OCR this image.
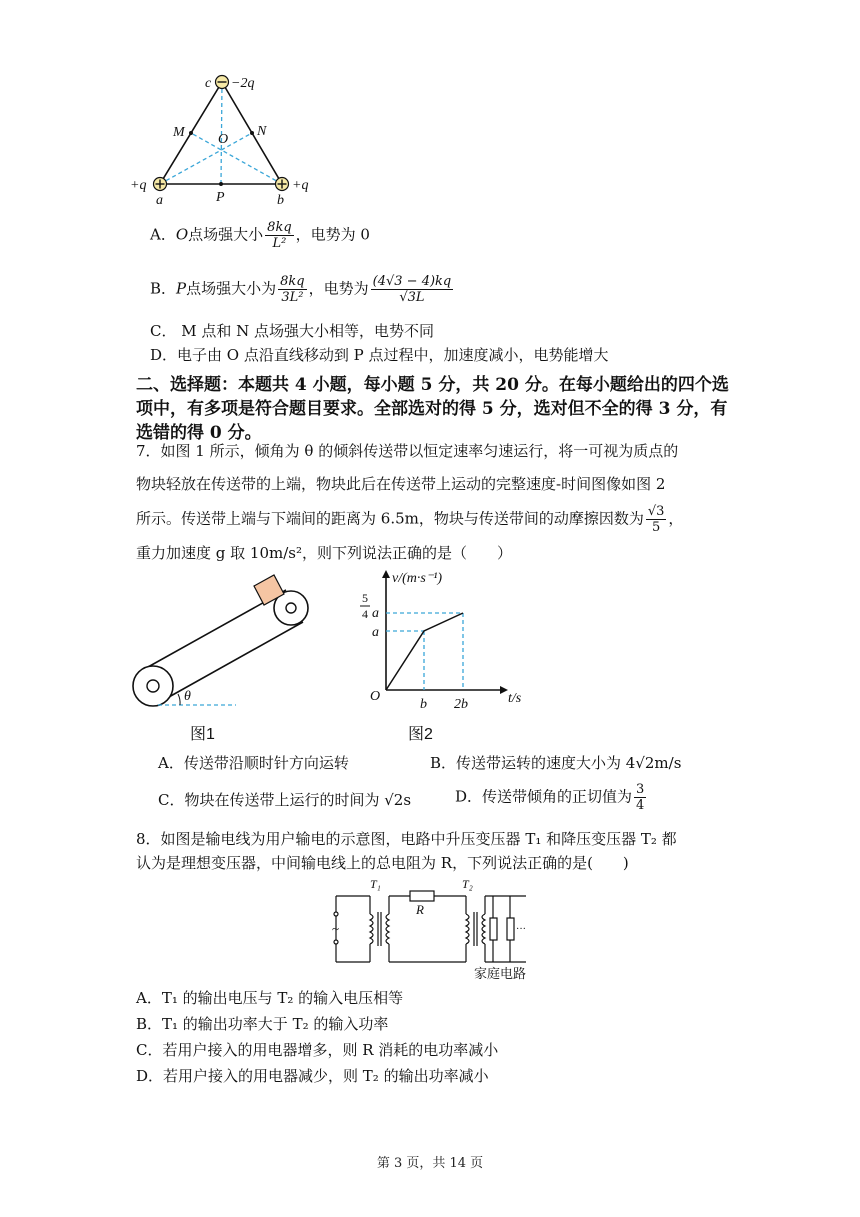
c −2q
M O
N
+q
a	P	b
+q
A．O点场强大小 $\frac{8kq}{\text{L²}}$ ，电势为 0
B．P点场强大小为 $\frac{8kq}{\text{3L²}}$ ，电势为 $\frac{(4√3 - 4)kq}{√3L}$
C． M 点和 N 点场强大小相等，电势不同
D．电子由 O 点沿直线移动到 P 点过程中，加速度减小，电势能增大
二、选择题：本题共 4 小题，每小题 5 分，共 20 分。在每小题给出的四个选
项中，有多项是符合题目要求。全部选对的得 5 分，选对但不全的得 3 分，有
选错的得 0 分。
7．如图 1 所示，倾角为 θ 的倾斜传送带以恒定速率匀速运行，将一可视为质点的
物块轻放在传送带的上端，物块此后在传送带上运动的完整速度-时间图像如图 2
所示。传送带上端与下端间的距离为 6.5m，物块与传送带间的动摩擦因数为 $\frac{√3}{5}$ ，
重力加速度 g 取 10m/s²，则下列说法正确的是（　　）
θ
图1
v/(m·s⁻¹)
t/s
5
4 a
a
O
b 2b
图2
A．传送带沿顺时针方向运转	B．传送带运转的速度大小为 4√2m/s
C．物块在传送带上运行的时间为 √2s	D．传送带倾角的正切值为 $\frac{3}{4}$
8．如图是输电线为用户输电的示意图，电路中升压变压器 T₁ 和降压变压器 T₂ 都
认为是理想变压器，中间输电线上的总电阻为 R，下列说法正确的是(　　)
T₁
R
T₂
~	···
家庭电路
A．T₁ 的输出电压与 T₂ 的输入电压相等
B．T₁ 的输出功率大于 T₂ 的输入功率
C．若用户接入的用电器增多，则 R 消耗的电功率减小
D．若用户接入的用电器减少，则 T₂ 的输出功率减小
第 3 页，共 14 页
